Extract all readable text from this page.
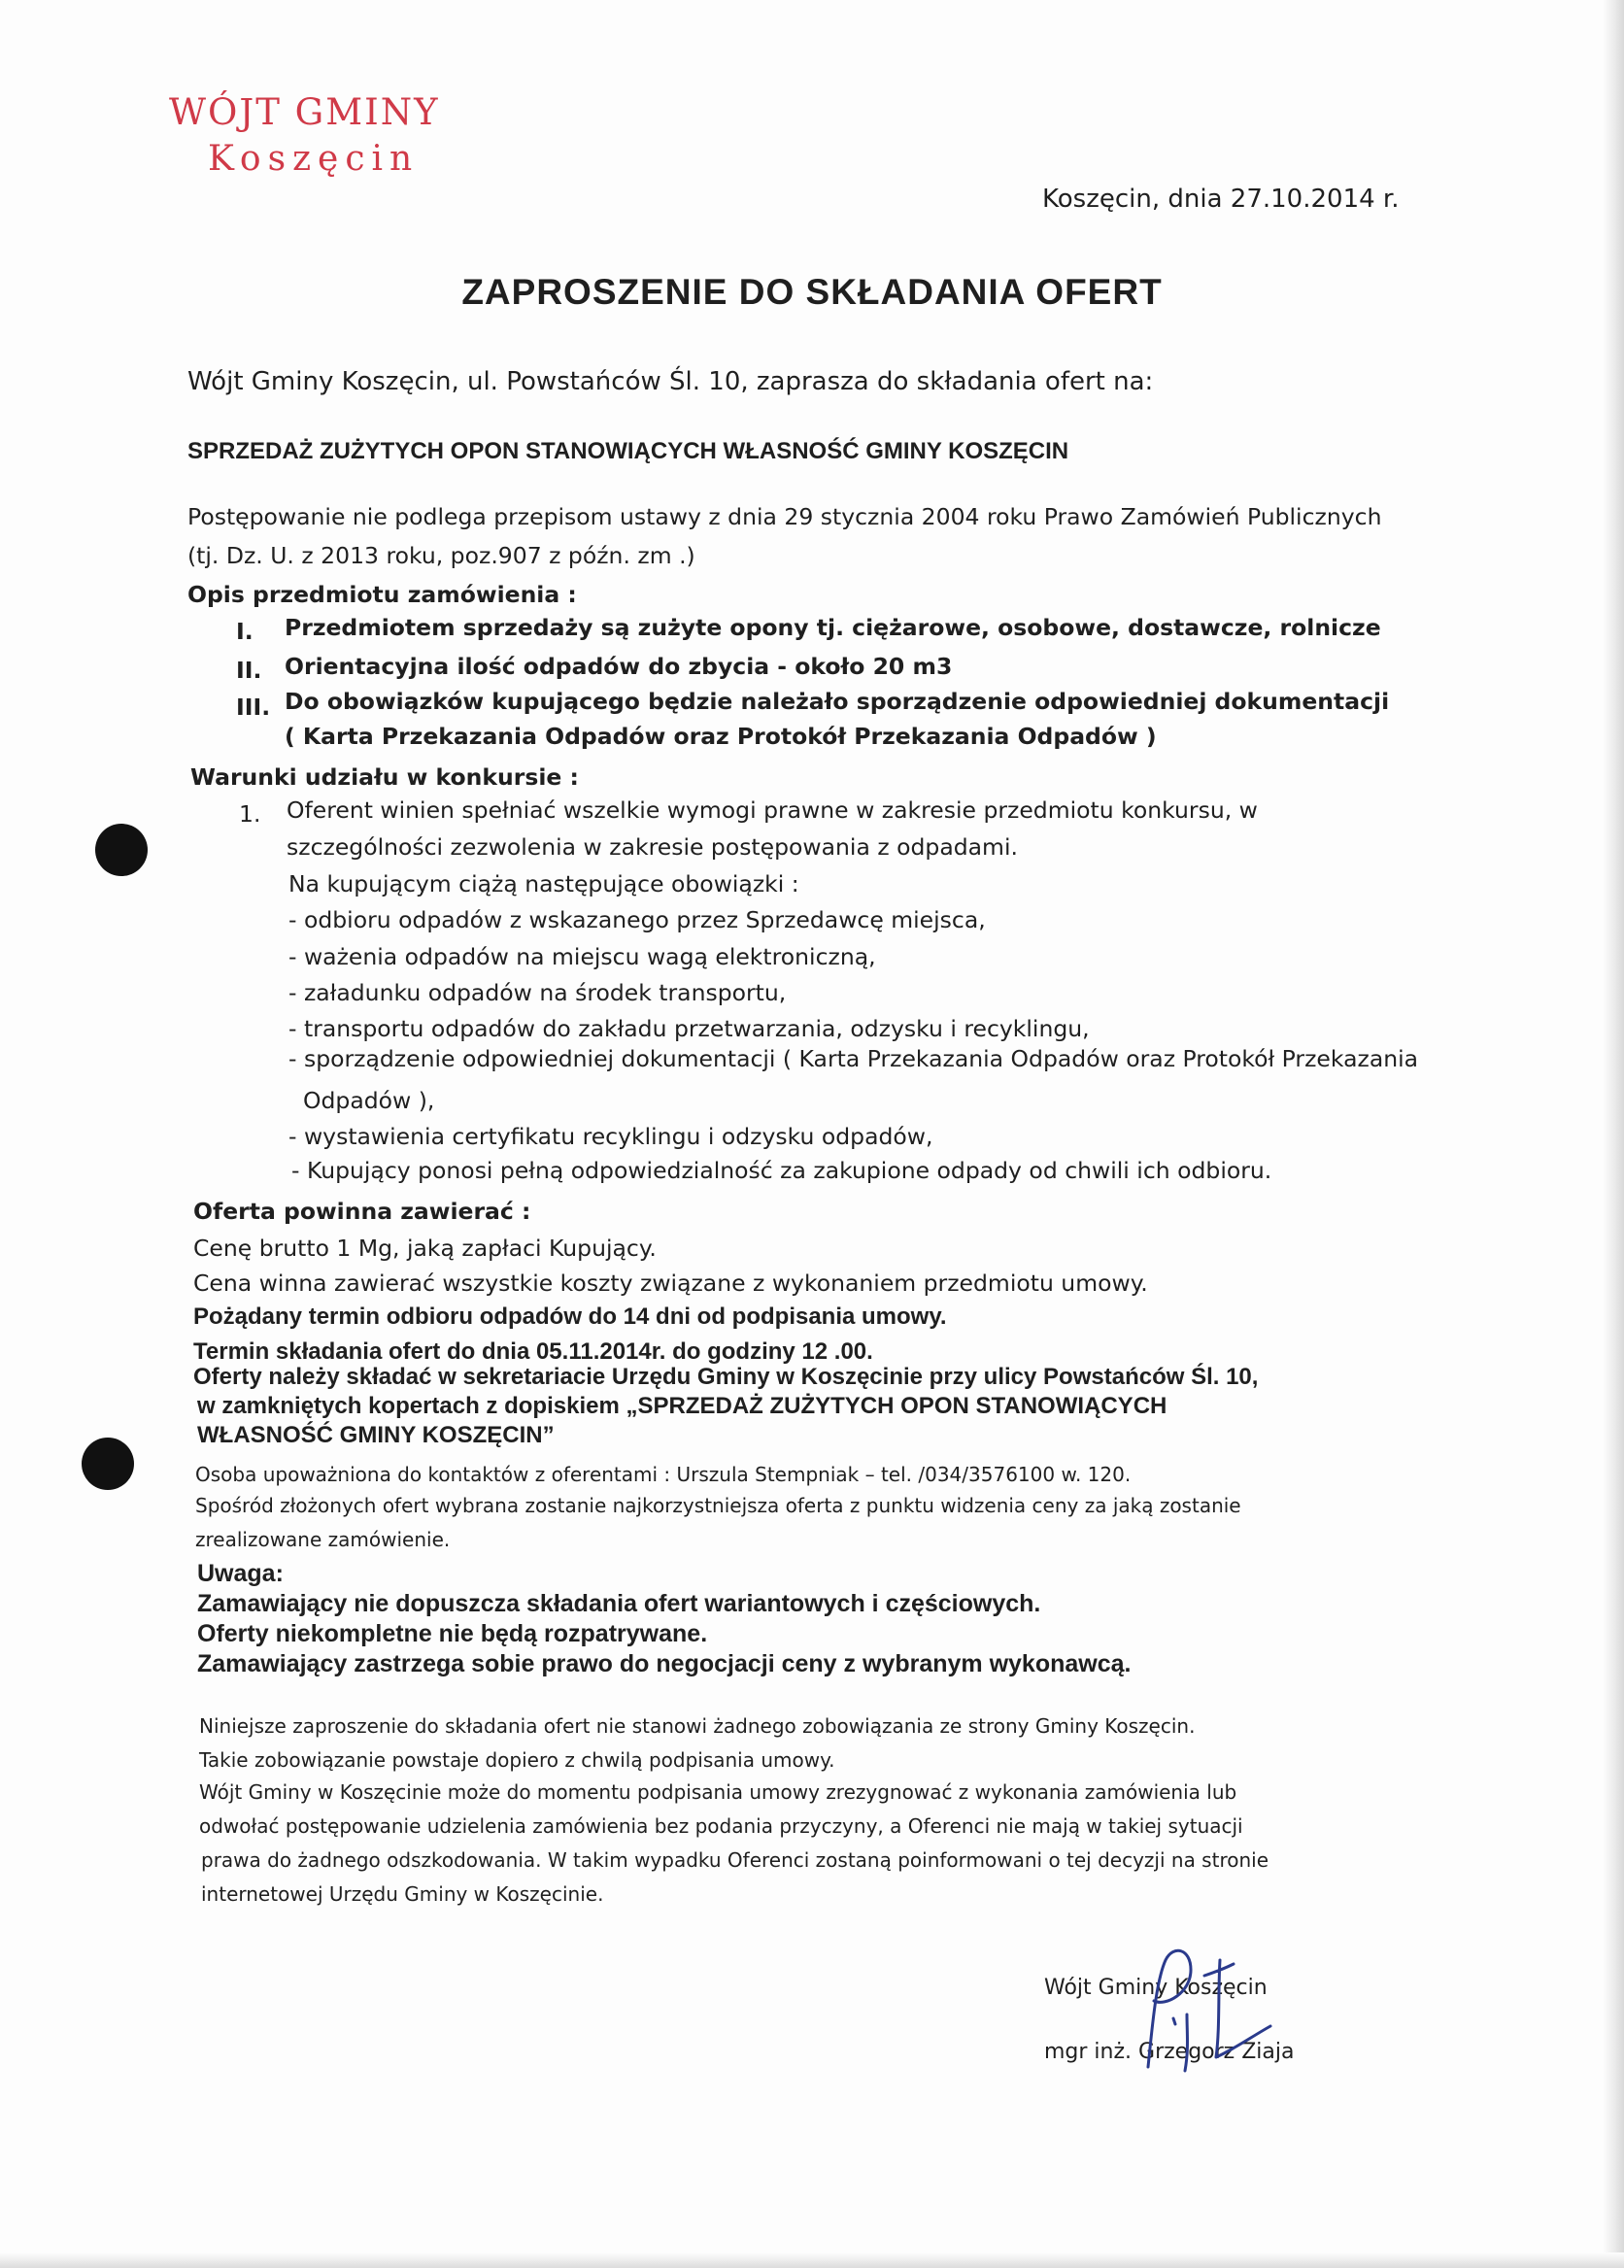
WÓJT GMINY
Koszęcin
Koszęcin, dnia 27.10.2014 r.
ZAPROSZENIE DO SKŁADANIA OFERT
Wójt Gminy Koszęcin, ul. Powstańców Śl. 10, zaprasza do składania ofert na:
SPRZEDAŻ ZUŻYTYCH OPON STANOWIĄCYCH WŁASNOŚĆ GMINY KOSZĘCIN
Postępowanie nie podlega przepisom ustawy z dnia 29 stycznia 2004 roku Prawo Zamówień Publicznych
(tj. Dz. U. z 2013 roku, poz.907 z późn. zm .)
Opis przedmiotu zamówienia :
I. Przedmiotem sprzedaży są zużyte opony tj. ciężarowe, osobowe, dostawcze, rolnicze
II. Orientacyjna ilość odpadów do zbycia - około 20 m3
III. Do obowiązków kupującego będzie należało sporządzenie odpowiedniej dokumentacji
( Karta Przekazania Odpadów oraz Protokół Przekazania Odpadów )
Warunki udziału w konkursie :
1. Oferent winien spełniać wszelkie wymogi prawne w zakresie przedmiotu konkursu, w
szczególności zezwolenia w zakresie postępowania z odpadami.
Na kupującym ciążą następujące obowiązki :
- odbioru odpadów z wskazanego przez Sprzedawcę miejsca,
- ważenia odpadów na miejscu wagą elektroniczną,
- załadunku odpadów na środek transportu,
- transportu odpadów do zakładu przetwarzania, odzysku i recyklingu,
- sporządzenie odpowiedniej dokumentacji ( Karta Przekazania Odpadów oraz Protokół Przekazania
Odpadów ),
- wystawienia certyfikatu recyklingu i odzysku odpadów,
- Kupujący ponosi pełną odpowiedzialność za zakupione odpady od chwili ich odbioru.
Oferta powinna zawierać :
Cenę brutto 1 Mg, jaką zapłaci Kupujący.
Cena winna zawierać wszystkie koszty związane z wykonaniem przedmiotu umowy.
Pożądany termin odbioru odpadów do 14 dni od podpisania umowy.
Termin składania ofert do dnia 05.11.2014r. do godziny 12 .00.
Oferty należy składać w sekretariacie Urzędu Gminy w Koszęcinie przy ulicy Powstańców Śl. 10,
w zamkniętych kopertach z dopiskiem „SPRZEDAŻ ZUŻYTYCH OPON STANOWIĄCYCH
WŁASNOŚĆ GMINY KOSZĘCIN”
Osoba upoważniona do kontaktów z oferentami : Urszula Stempniak – tel. /034/3576100 w. 120.
Spośród złożonych ofert wybrana zostanie najkorzystniejsza oferta z punktu widzenia ceny za jaką zostanie
zrealizowane zamówienie.
Uwaga:
Zamawiający nie dopuszcza składania ofert wariantowych i częściowych.
Oferty niekompletne nie będą rozpatrywane.
Zamawiający zastrzega sobie prawo do negocjacji ceny z wybranym wykonawcą.
Niniejsze zaproszenie do składania ofert nie stanowi żadnego zobowiązania ze strony Gminy Koszęcin.
Takie zobowiązanie powstaje dopiero z chwilą podpisania umowy.
Wójt Gminy w Koszęcinie może do momentu podpisania umowy zrezygnować z wykonania zamówienia lub
odwołać postępowanie udzielenia zamówienia bez podania przyczyny, a Oferenci nie mają w takiej sytuacji
prawa do żadnego odszkodowania. W takim wypadku Oferenci zostaną poinformowani o tej decyzji na stronie
internetowej Urzędu Gminy w Koszęcinie.
Wójt Gminy Koszęcin
mgr inż. Grzegorz Ziaja
